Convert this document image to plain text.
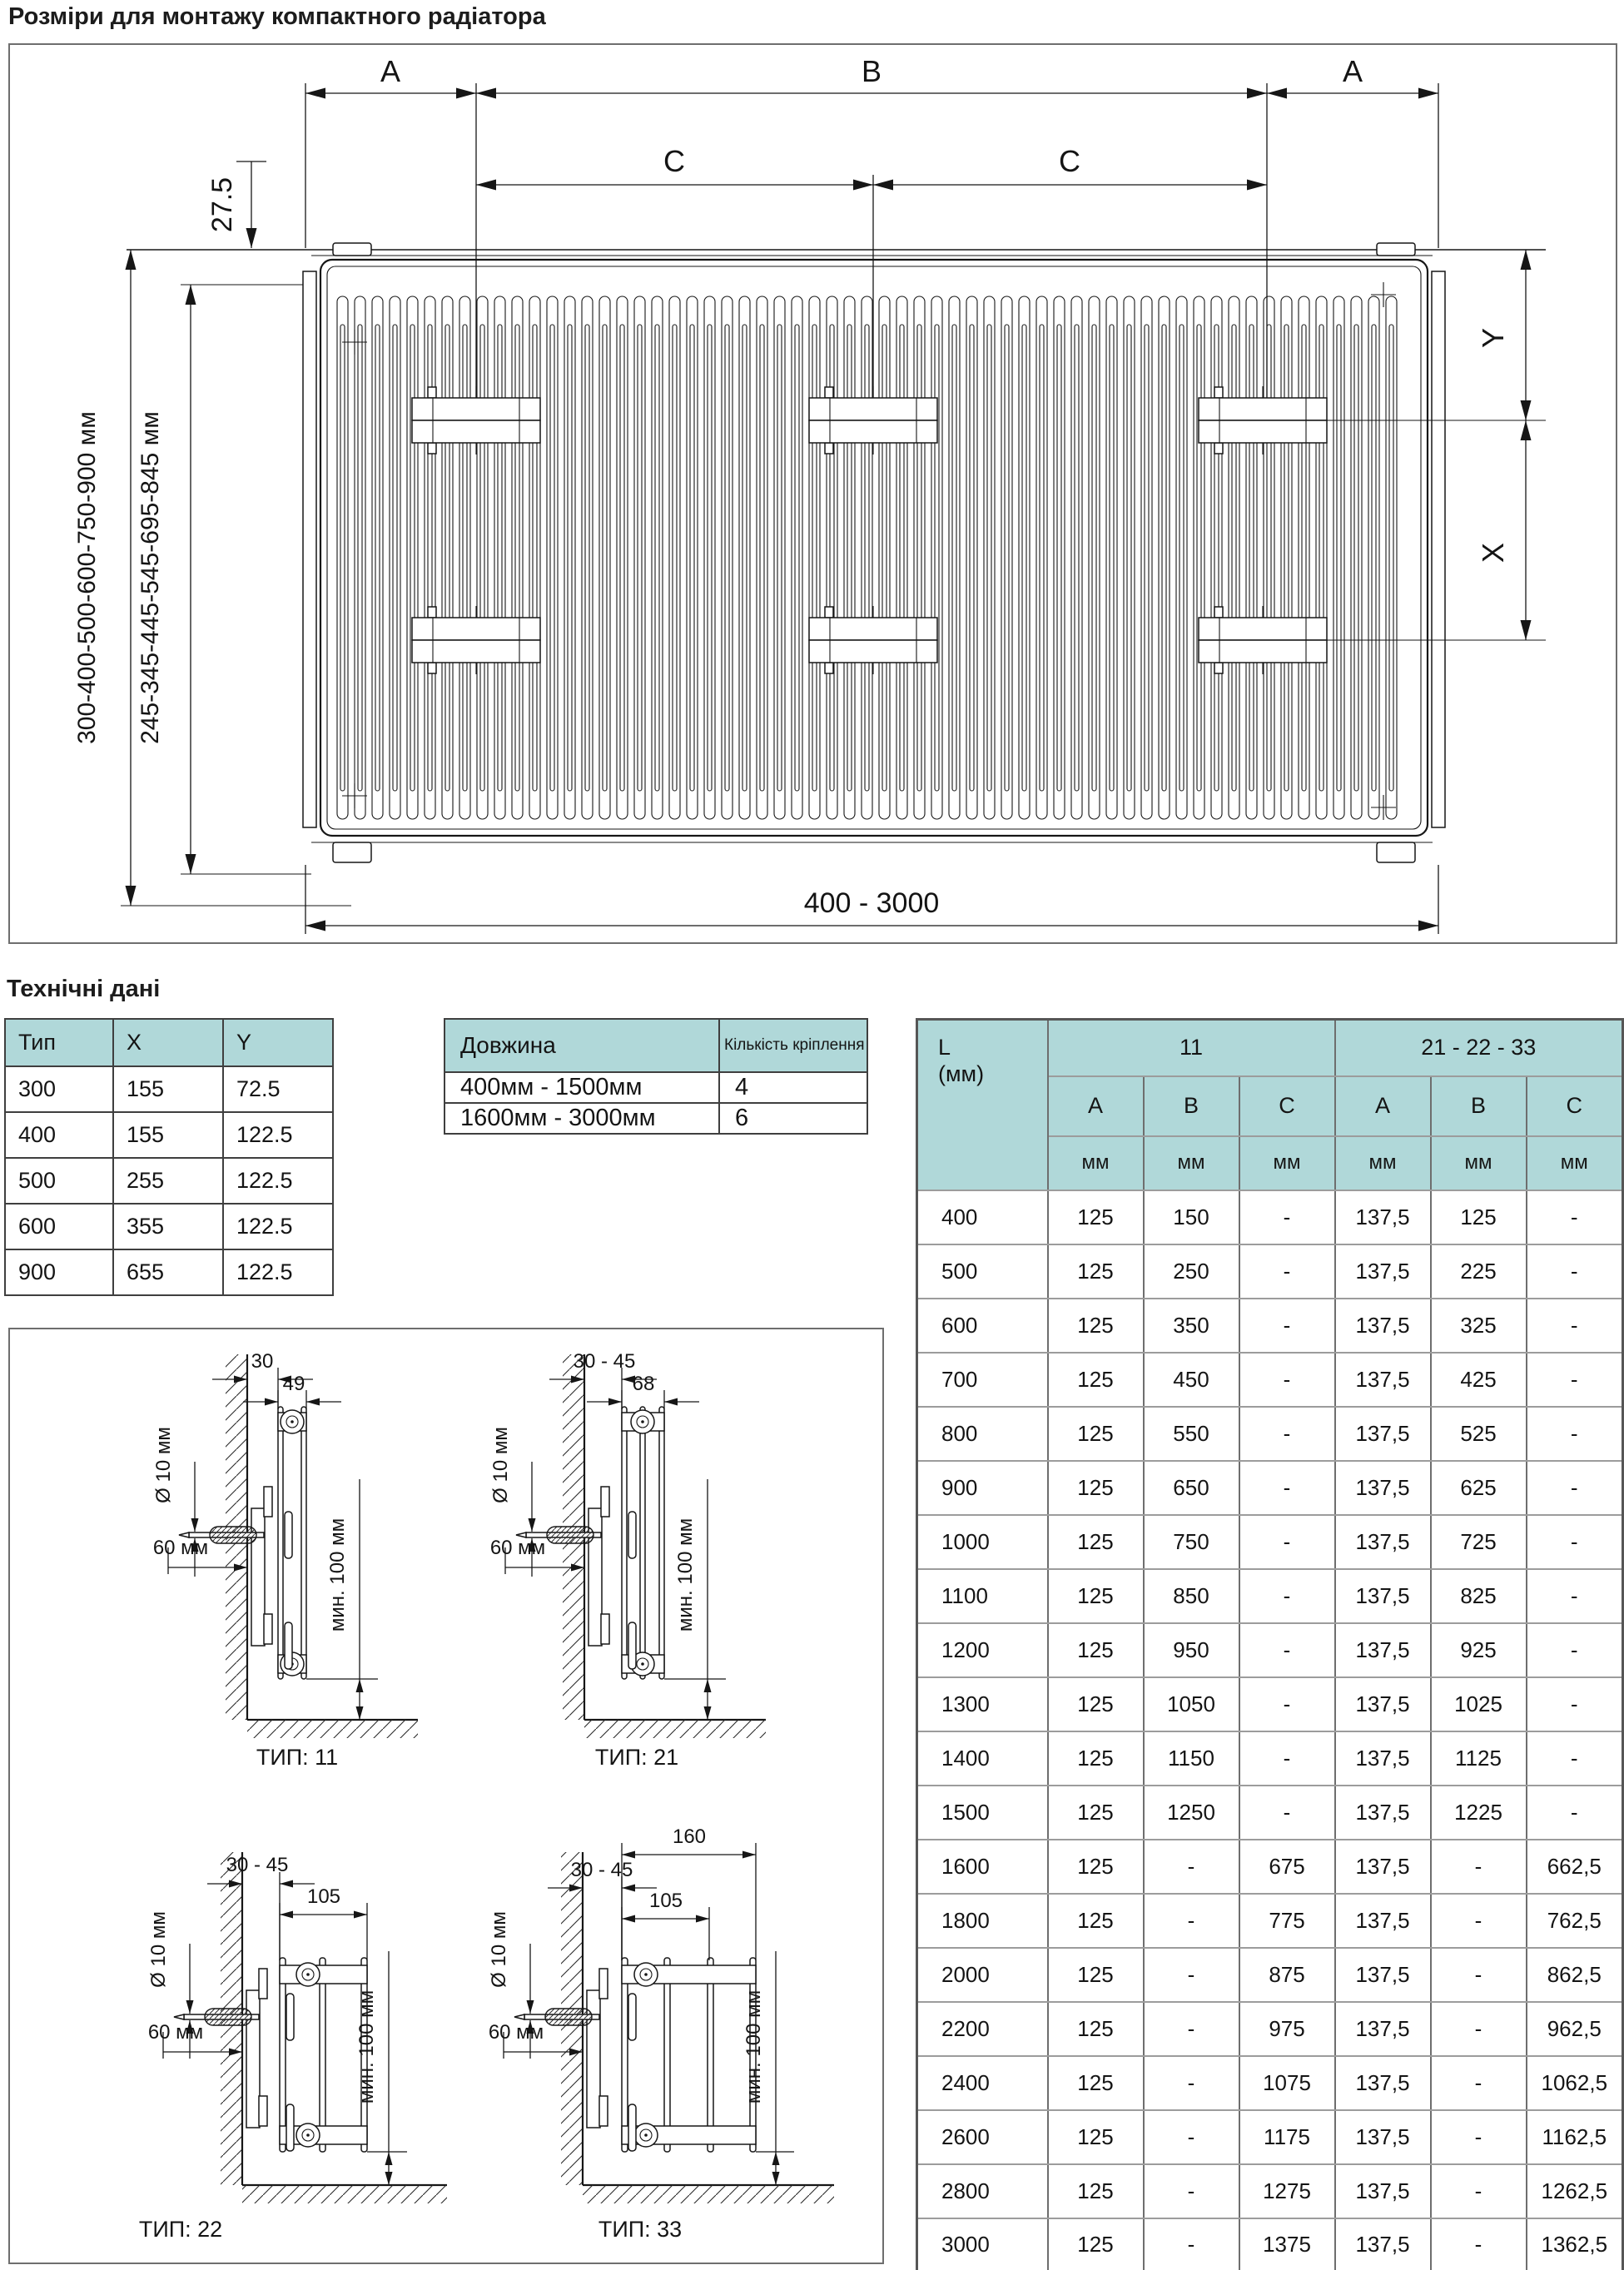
Розміри для монтажу компактного радіатора
A	B	A
C	C
27.5
300-400-500-600-750-900 мм 245-345-445-545-695-845 мм
400 - 3000
Y
X
Технічні дані
Тип	X	Y
300	155	72.5
400	155	122.5
500	255	122.5
600	355	122.5
900	655	122.5
Довжина	Кількість кріплення
400мм - 1500мм	4
1600мм - 3000мм	6
L
(мм)	11			21 - 22 - 33		
	A	B	C	A	B	C
	мм	мм	мм	мм	мм	мм
400	125	150	-	137,5	125	-
500	125	250	-	137,5	225	-
600	125	350	-	137,5	325	-
700	125	450	-	137,5	425	-
800	125	550	-	137,5	525	-
900	125	650	-	137,5	625	-
1000	125	750	-	137,5	725	-
1100	125	850	-	137,5	825	-
1200	125	950	-	137,5	925	-
1300	125	1050	-	137,5	1025	-
1400	125	1150	-	137,5	1125	-
1500	125	1250	-	137,5	1225	-
1600	125	-	675	137,5	-	662,5
1800	125	-	775	137,5	-	762,5
2000	125	-	875	137,5	-	862,5
2200	125	-	975	137,5	-	962,5
2400	125	-	1075	137,5	-	1062,5
2600	125	-	1175	137,5	-	1162,5
2800	125	-	1275	137,5	-	1262,5
3000	125	-	1375	137,5	-	1362,5
30
49
Ø 10 мм
60 мм	мин. 100 мм
ТИП: 11
30 - 45
68
Ø 10 мм
60 мм	мин. 100 мм
ТИП: 21
30 - 45
105
Ø 10 мм
60 мм	мин. 100 мм
ТИП: 22
160
30 - 45
105
Ø 10 мм
60 мм	мин. 100 мм
ТИП: 33
